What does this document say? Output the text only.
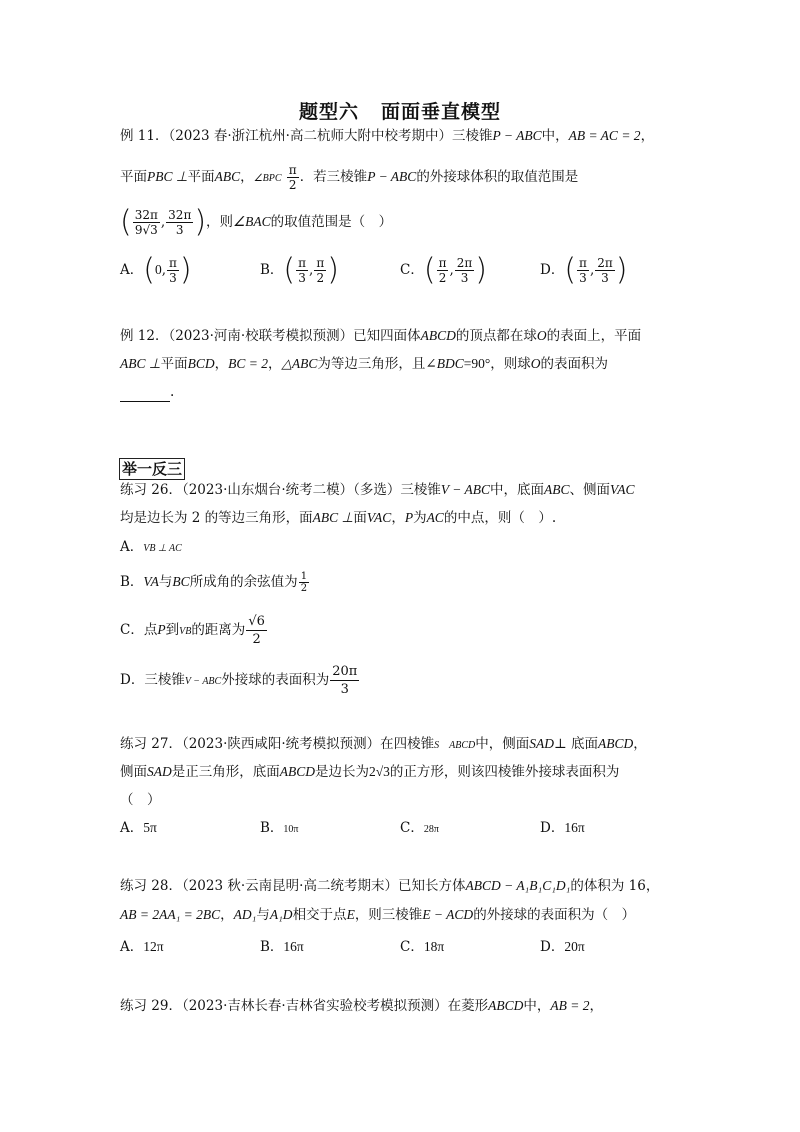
题型六 面面垂直模型
例 11．（2023 春·浙江杭州·高二杭师大附中校考期中）三棱锥P − ABC中，AB = AC = 2，
平面PBC ⊥平面ABC，∠BPC $\frac{\pi}{2}$ ．若三棱锥P − ABC的外接球体积的取值范围是
( $\frac{32\pi}{9√3}$ , $\frac{32\pi}{3}$ )，则∠BAC的取值范围是（　）
A．(0, $\frac{\pi}{3}$ )	B．( $\frac{\pi}{3}$ , $\frac{\pi}{2}$ )	C．( $\frac{\pi}{2}$ , $\frac{2\pi}{3}$ )	D．( $\frac{\pi}{3}$ , $\frac{2\pi}{3}$ )
例 12．（2023·河南·校联考模拟预测）已知四面体ABCD的顶点都在球O的表面上，平面
ABC ⊥平面BCD，BC = 2，△ABC为等边三角形，且∠BDC=90°，则球O的表面积为
.
举一反三
练习 26．（2023·山东烟台·统考二模）（多选）三棱锥V − ABC中，底面ABC、侧面VAC
均是边长为 2 的等边三角形，面ABC ⊥面VAC，P为AC的中点，则（　）.
A．VB ⊥ AC
B．VA与BC所成角的余弦值为 $\frac{1}{2}$
C．点P到VB的距离为 $\frac{√6}{2}$
D．三棱锥V − ABC外接球的表面积为 $\frac{20\pi}{3}$
练习 27．（2023·陕西咸阳·统考模拟预测）在四棱锥S　ABCD中，侧面SAD⊥ 底面ABCD，
侧面SAD是正三角形，底面ABCD是边长为2√3的正方形，则该四棱锥外接球表面积为
（　）
A．5π	B．10π	C．28π	D．16π
练习 28．（2023 秋·云南昆明·高二统考期末）已知长方体ABCD − A₁B₁C₁D₁的体积为 16，
AB = 2AA₁ = 2BC，AD₁与A₁D相交于点E，则三棱锥E − ACD的外接球的表面积为（　）
A．12π	B．16π	C．18π	D．20π
练习 29．（2023·吉林长春·吉林省实验校考模拟预测）在菱形ABCD中，AB = 2，
